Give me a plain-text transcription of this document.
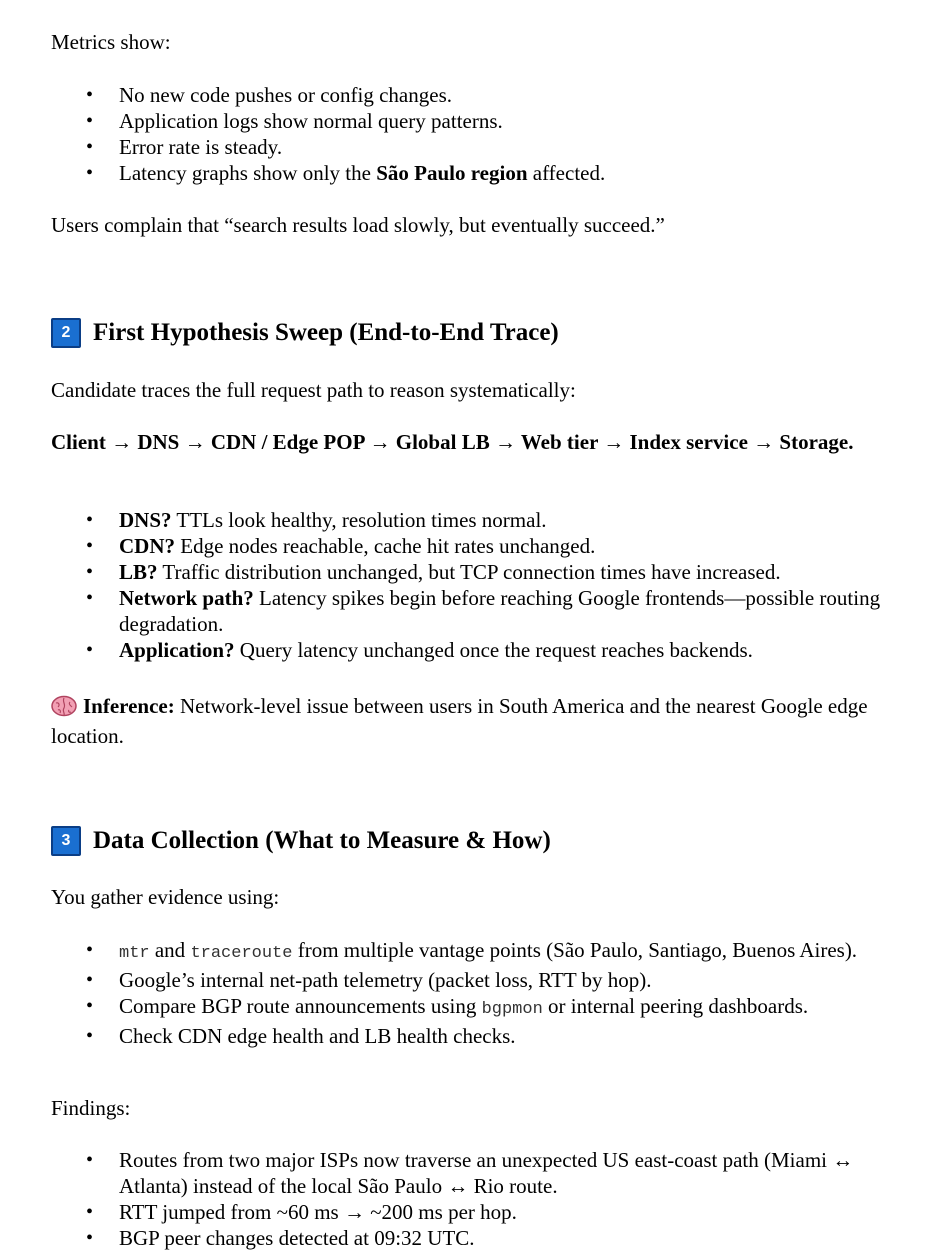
Metrics show:
• No new code pushes or config changes.
• Application logs show normal query patterns.
• Error rate is steady.
• Latency graphs show only the São Paulo region affected.
Users complain that “search results load slowly, but eventually succeed.”
2 First Hypothesis Sweep (End-to-End Trace)
Candidate traces the full request path to reason systematically:
Client → DNS → CDN / Edge POP → Global LB → Web tier → Index service → Storage.
• DNS? TTLs look healthy, resolution times normal.
• CDN? Edge nodes reachable, cache hit rates unchanged.
• LB? Traffic distribution unchanged, but TCP connection times have increased.
• Network path? Latency spikes begin before reaching Google frontends—possible routing degradation.
• Application? Query latency unchanged once the request reaches backends.
Inference: Network-level issue between users in South America and the nearest Google edge location.
3 Data Collection (What to Measure & How)
You gather evidence using:
• mtr and traceroute from multiple vantage points (São Paulo, Santiago, Buenos Aires).
• Google’s internal net-path telemetry (packet loss, RTT by hop).
• Compare BGP route announcements using bgpmon or internal peering dashboards.
• Check CDN edge health and LB health checks.
Findings:
• Routes from two major ISPs now traverse an unexpected US east-coast path (Miami ↔ Atlanta) instead of the local São Paulo ↔ Rio route.
• RTT jumped from ~60 ms → ~200 ms per hop.
• BGP peer changes detected at 09:32 UTC.
